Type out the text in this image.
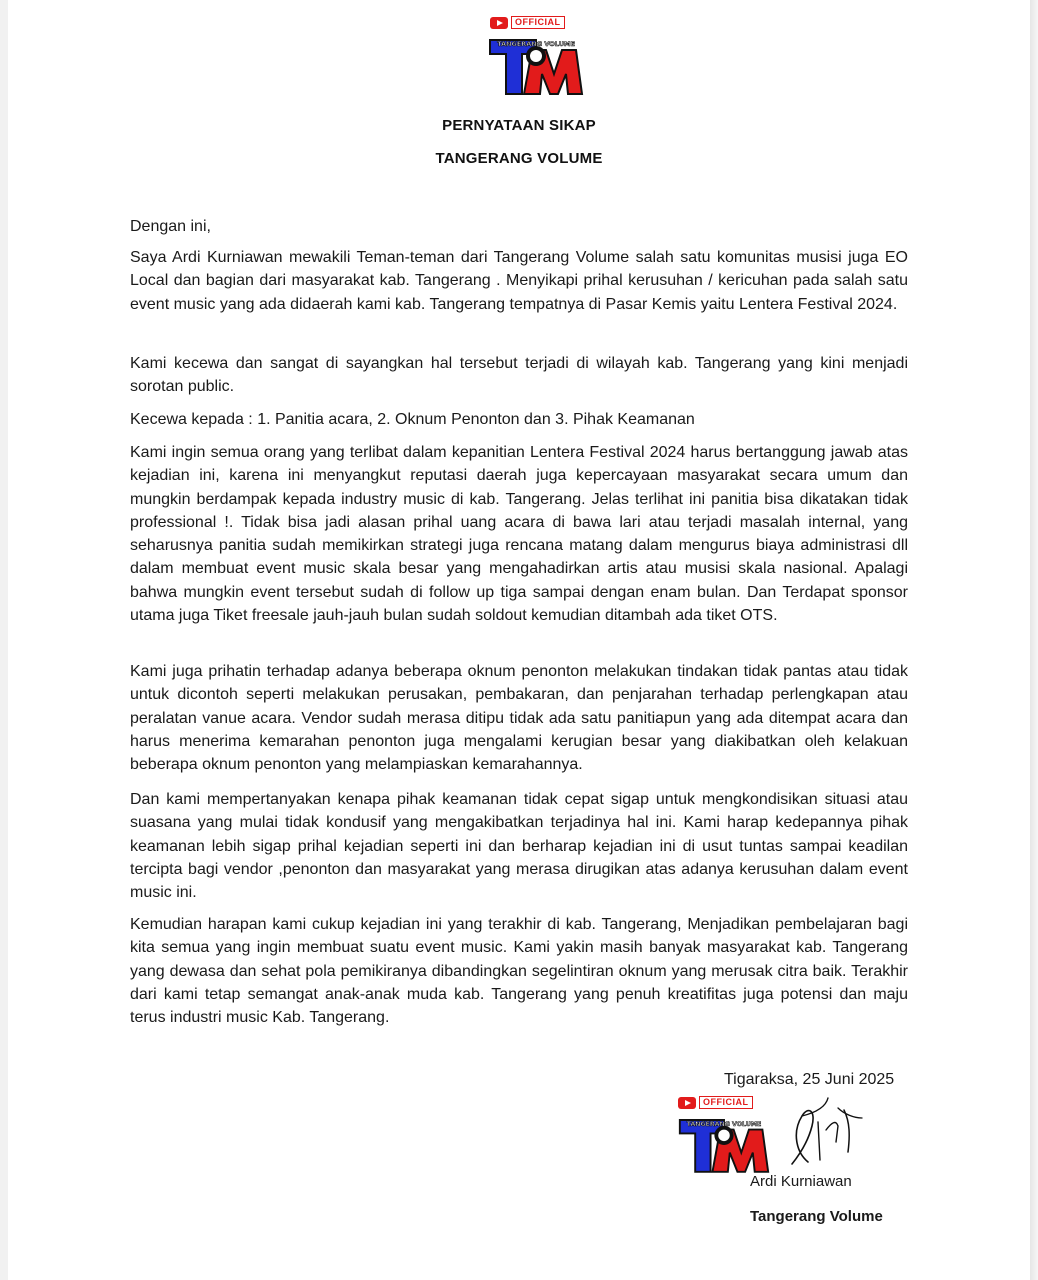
OFFICIAL
TANGERANG VOLUME
PERNYATAAN SIKAP
TANGERANG VOLUME

Dengan ini,

Saya Ardi Kurniawan mewakili Teman-teman dari Tangerang Volume salah satu komunitas musisi juga EO Local dan bagian dari masyarakat kab. Tangerang . Menyikapi prihal kerusuhan / kericuhan pada salah satu event music yang ada didaerah kami kab. Tangerang tempatnya di Pasar Kemis yaitu Lentera Festival 2024.

Kami kecewa dan sangat di sayangkan hal tersebut terjadi di wilayah kab. Tangerang yang kini menjadi sorotan public.

Kecewa kepada : 1. Panitia acara, 2. Oknum Penonton dan 3. Pihak Keamanan

Kami ingin semua orang yang terlibat dalam kepanitian Lentera Festival 2024 harus bertanggung jawab atas kejadian ini, karena ini menyangkut reputasi daerah juga kepercayaan masyarakat secara umum dan mungkin berdampak kepada industry music di kab. Tangerang. Jelas terlihat ini panitia bisa dikatakan tidak professional !. Tidak bisa jadi alasan prihal uang acara di bawa lari atau terjadi masalah internal, yang seharusnya panitia sudah memikirkan strategi juga rencana matang dalam mengurus biaya administrasi dll dalam membuat event music skala besar yang mengahadirkan artis atau musisi skala nasional. Apalagi bahwa mungkin event tersebut sudah di follow up tiga sampai dengan enam bulan. Dan Terdapat sponsor utama juga Tiket freesale jauh-jauh bulan sudah soldout kemudian ditambah ada tiket OTS.

Kami juga prihatin terhadap adanya beberapa oknum penonton melakukan tindakan tidak pantas atau tidak untuk dicontoh seperti melakukan perusakan, pembakaran, dan penjarahan terhadap perlengkapan atau peralatan vanue acara. Vendor sudah merasa ditipu tidak ada satu panitiapun yang ada ditempat acara dan harus menerima kemarahan penonton juga mengalami kerugian besar yang diakibatkan oleh kelakuan beberapa oknum penonton yang melampiaskan kemarahannya.

Dan kami mempertanyakan kenapa pihak keamanan tidak cepat sigap untuk mengkondisikan situasi atau suasana yang mulai tidak kondusif yang mengakibatkan terjadinya hal ini. Kami harap kedepannya pihak keamanan lebih sigap prihal kejadian seperti ini dan berharap kejadian ini di usut tuntas sampai keadilan tercipta bagi vendor ,penonton dan masyarakat yang merasa dirugikan atas adanya kerusuhan dalam event music ini.

Kemudian harapan kami cukup kejadian ini yang terakhir di kab. Tangerang, Menjadikan pembelajaran bagi kita semua yang ingin membuat suatu event music. Kami yakin masih banyak masyarakat kab. Tangerang yang dewasa dan sehat pola pemikiranya dibandingkan segelintiran oknum yang merusak citra baik. Terakhir dari kami tetap semangat anak-anak muda kab. Tangerang yang penuh kreatifitas juga potensi dan maju terus industri music Kab. Tangerang.

Tigaraksa, 25 Juni 2025
OFFICIAL
TANGERANG VOLUME
Ardi Kurniawan
Tangerang Volume
